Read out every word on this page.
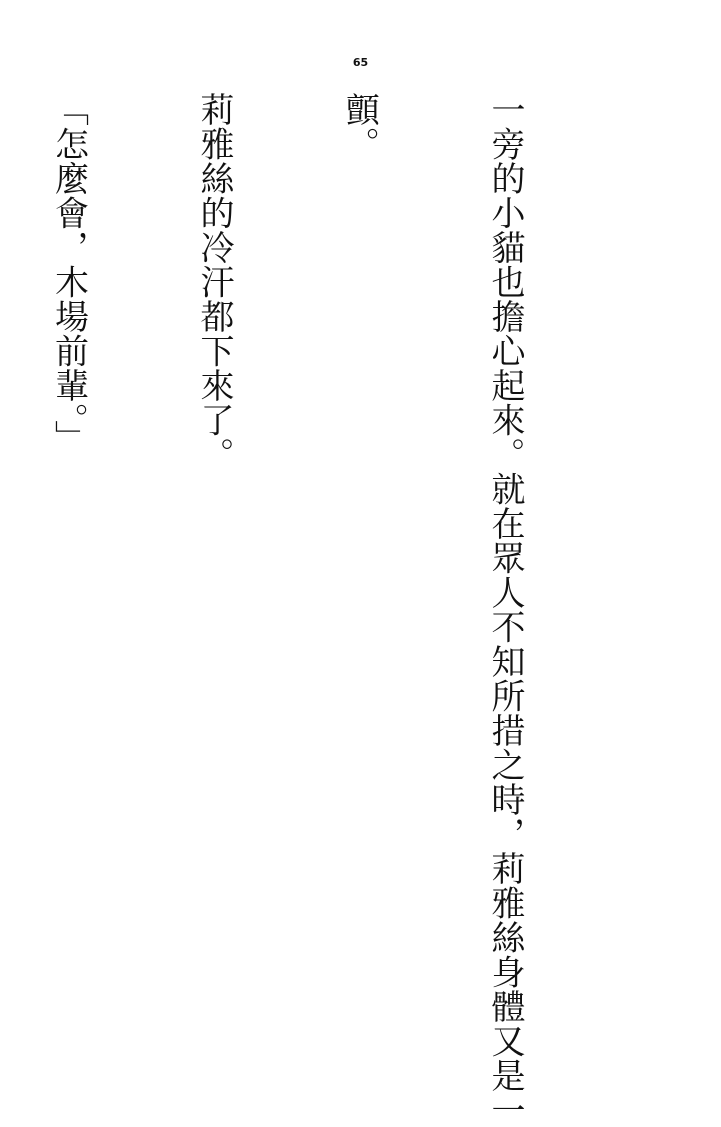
65

一旁的小貓也擔心起來。就在眾人不知所措之時，莉雅絲身體又是一

顫。

莉雅絲的冷汗都下來了。

「怎麼會，木場前輩。」
